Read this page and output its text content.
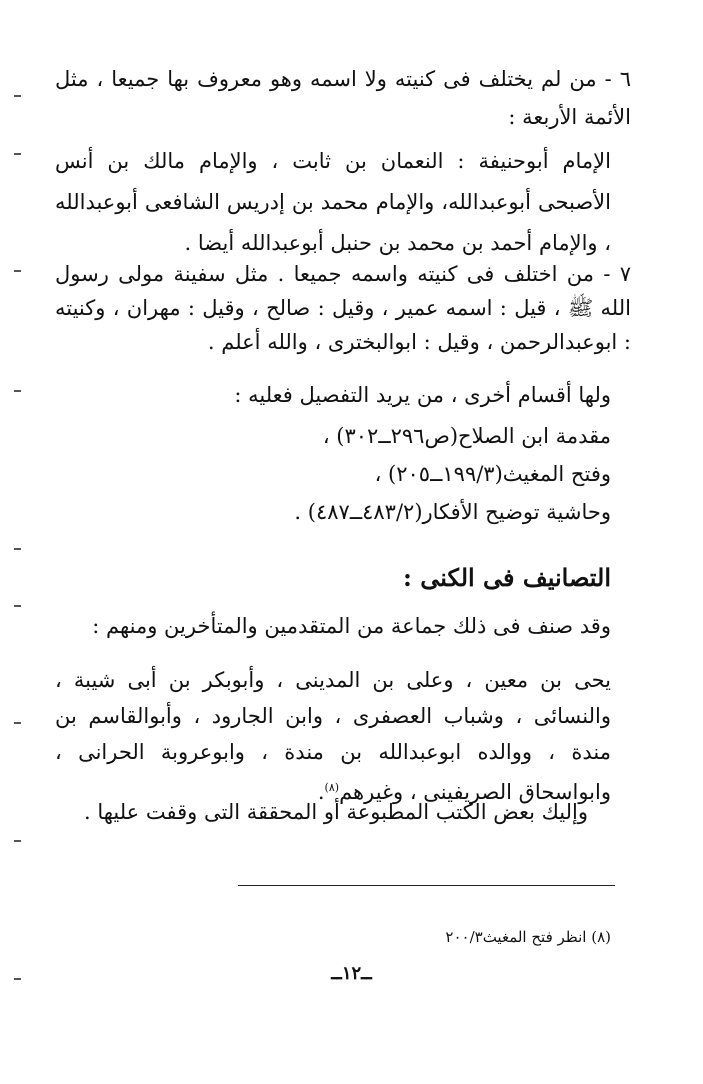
٦ - من لم يختلف فى كنيته ولا اسمه وهو معروف بها جميعا ، مثل الأئمة الأربعة :
الإمام أبوحنيفة : النعمان بن ثابت ، والإمام مالك بن أنس الأصبحى أبوعبدالله، والإمام محمد بن إدريس الشافعى أبوعبدالله ، والإمام أحمد بن محمد بن حنبل أبوعبدالله أيضا .
٧ - من اختلف فى كنيته واسمه جميعا . مثل سفينة مولى رسول الله ﷺ ، قيل : اسمه عمير ، وقيل : صالح ، وقيل : مهران ، وكنيته : ابوعبدالرحمن ، وقيل : ابوالبخترى ، والله أعلم .
ولها أقسام أخرى ، من يريد التفصيل فعليه :
مقدمة ابن الصلاح(ص٢٩٦ــ٣٠٢) ،
وفتح المغيث(١٩٩/٣ــ٢٠٥) ،
وحاشية توضيح الأفكار(٤٨٣/٢ــ٤٨٧) .
التصانيف فى الكنى :
وقد صنف فى ذلك جماعة من المتقدمين والمتأخرين ومنهم :
يحى بن معين ، وعلى بن المدينى ، وأبوبكر بن أبى شيبة ، والنسائى ، وشباب العصفرى ، وابن الجارود ، وأبوالقاسم بن مندة ، ووالده ابوعبدالله بن مندة ، وابوعروبة الحرانى ، وابواسحاق الصريفينى ، وغيرهم$^{(٨)}$.
وإليك بعض الكتب المطبوعة أو المحققة التى وقفت عليها .
(٨) انظر فتح المغيث٢٠٠/٣
ــ١٢ــ
